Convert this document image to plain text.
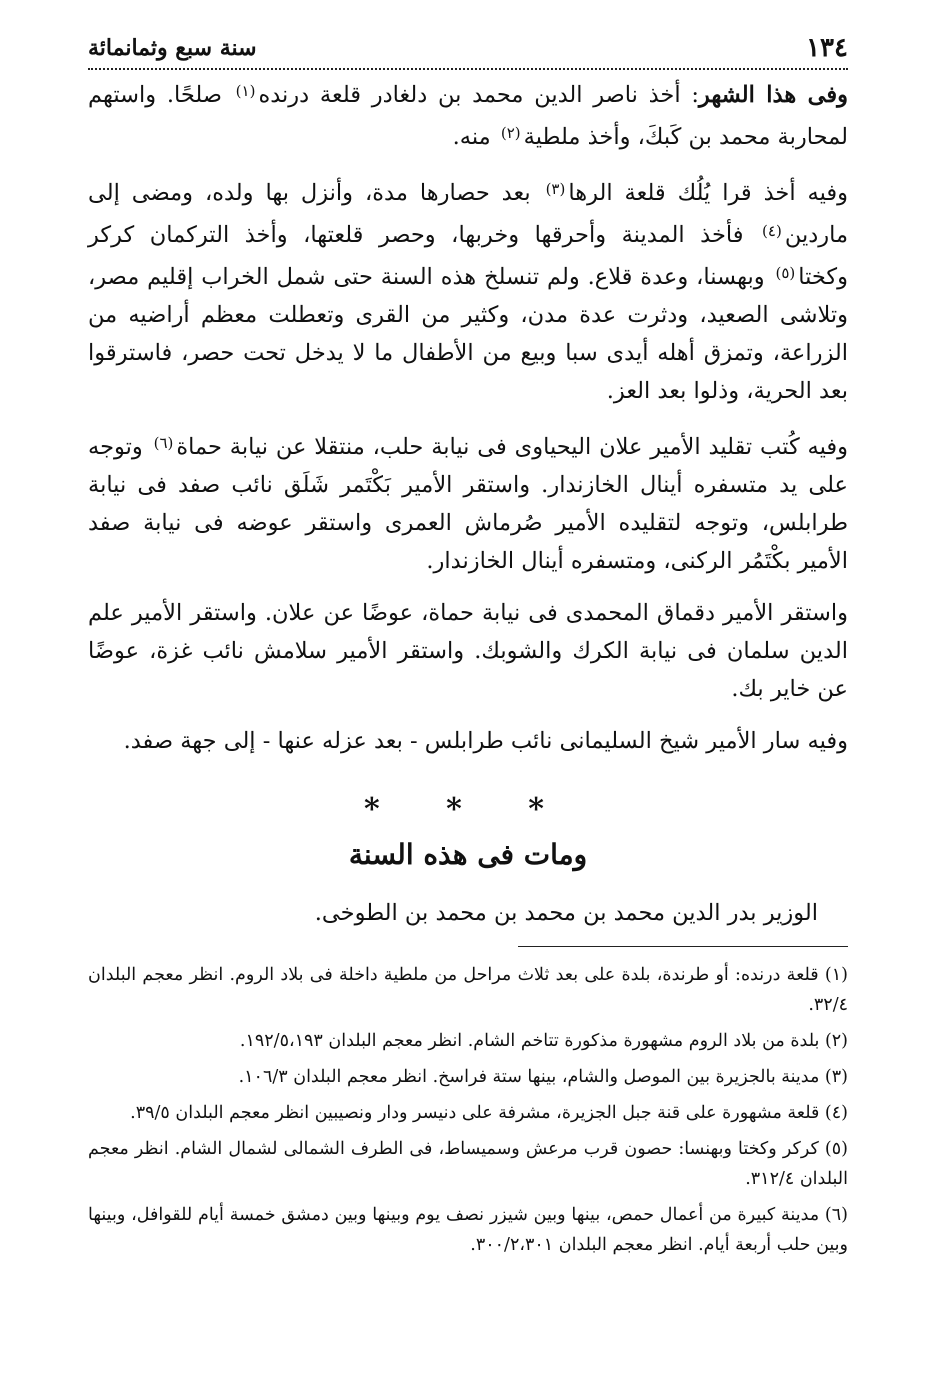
١٣٤
سنة سبع وثمانمائة

وفى هذا الشهر: أخذ ناصر الدين محمد بن دلغادر قلعة درنده$^{(١)}$ صلحًا. واستهم لمحاربة محمد بن كَبكَ، وأخذ ملطية$^{(٢)}$ منه.

وفيه أخذ قرا يُلُك قلعة الرها$^{(٣)}$ بعد حصارها مدة، وأنزل بها ولده، ومضى إلى ماردين$^{(٤)}$ فأخذ المدينة وأحرقها وخربها، وحصر قلعتها، وأخذ التركمان كركر وكختا$^{(٥)}$ وبهسنا، وعدة قلاع. ولم تنسلخ هذه السنة حتى شمل الخراب إقليم مصر، وتلاشى الصعيد، ودثرت عدة مدن، وكثير من القرى وتعطلت معظم أراضيه من الزراعة، وتمزق أهله أيدى سبا وبيع من الأطفال ما لا يدخل تحت حصر، فاسترقوا بعد الحرية، وذلوا بعد العز.

وفيه كُتب تقليد الأمير علان اليحياوى فى نيابة حلب، منتقلا عن نيابة حماة$^{(٦)}$ وتوجه على يد متسفره أينال الخازندار. واستقر الأمير بَكْتَمر شَلَق نائب صفد فى نيابة طرابلس، وتوجه لتقليده الأمير صُرماش العمرى واستقر عوضه فى نيابة صفد الأمير بكْتَمُر الركنى، ومتسفره أينال الخازندار.

واستقر الأمير دقماق المحمدى فى نيابة حماة، عوضًا عن علان. واستقر الأمير علم الدين سلمان فى نيابة الكرك والشوبك. واستقر الأمير سلامش نائب غزة، عوضًا عن خاير بك.

وفيه سار الأمير شيخ السليمانى نائب طرابلس - بعد عزله عنها - إلى جهة صفد.

* * *
ومات فى هذه السنة
الوزير بدر الدين محمد بن محمد بن محمد بن الطوخى.

(١) قلعة درنده: أو طرندة، بلدة على بعد ثلاث مراحل من ملطية داخلة فى بلاد الروم. انظر معجم البلدان ٣٢/٤.

(٢) بلدة من بلاد الروم مشهورة مذكورة تتاخم الشام. انظر معجم البلدان ١٩٢/٥،١٩٣.

(٣) مدينة بالجزيرة بين الموصل والشام، بينها ستة فراسخ. انظر معجم البلدان ١٠٦/٣.

(٤) قلعة مشهورة على قنة جبل الجزيرة، مشرفة على دنيسر ودار ونصيبين انظر معجم البلدان ٣٩/٥.

(٥) كركر وكختا وبهنسا: حصون قرب مرعش وسميساط، فى الطرف الشمالى لشمال الشام. انظر معجم البلدان ٣١٢/٤.

(٦) مدينة كبيرة من أعمال حمص، بينها وبين شيزر نصف يوم وبينها وبين دمشق خمسة أيام للقوافل، وبينها وبين حلب أربعة أيام. انظر معجم البلدان ٣٠٠/٢،٣٠١.
